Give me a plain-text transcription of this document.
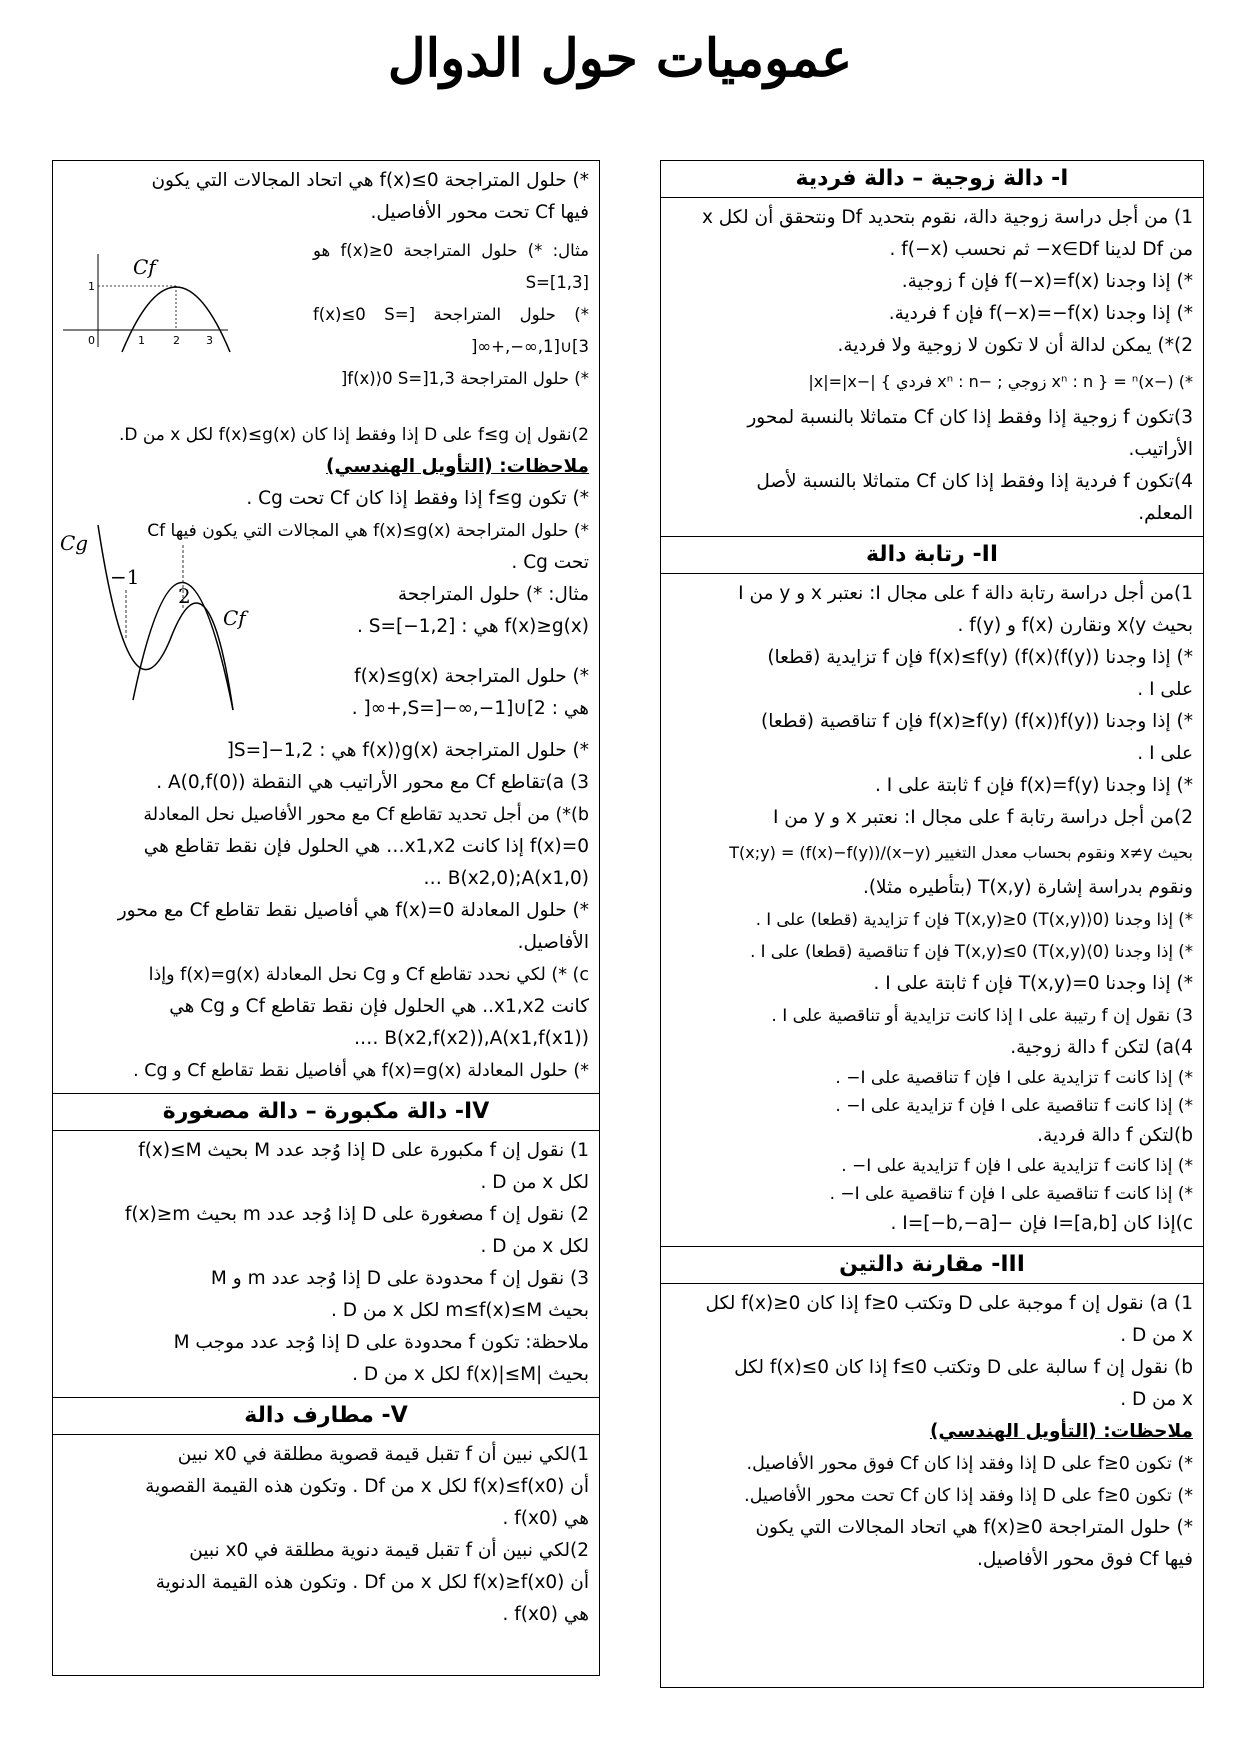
عموميات حول الدوال
I- دالة زوجية – دالة فردية

1) من أجل دراسة زوجية دالة، نقوم بتحديد Df ونتحقق أن لكل x

من Df لدينا x∈Df− ثم نحسب f(−x) .

*) إذا وجدنا f(−x)=f(x) فإن f زوجية.

*) إذا وجدنا f(−x)=−f(x) فإن f فردية.

2)*) يمكن لدالة أن لا تكون لا زوجية ولا فردية.

*) (−x)ⁿ = { xⁿ : n زوجي ; −xⁿ : n فردي } |−x|=|x|

3)تكون f زوجية إذا وفقط إذا كان Cf متماثلا بالنسبة لمحور

الأراتيب.

4)تكون f فردية إذا وفقط إذا كان Cf متماثلا بالنسبة لأصل

المعلم.

II- رتابة دالة

1)من أجل دراسة رتابة دالة f على مجال I: نعتبر x و y من I

بحيث x⟨y ونقارن f(x) و f(y) .

*) إذا وجدنا f(x)≤f(y) (f(x)⟨f(y)) فإن f تزايدية (قطعا)

على I .

*) إذا وجدنا f(x)≥f(y) (f(x)⟩f(y)) فإن f تناقصية (قطعا)

على I .

*) إذا وجدنا f(x)=f(y) فإن f ثابتة على I .

2)من أجل دراسة رتابة f على مجال I: نعتبر x و y من I

بحيث x≠y ونقوم بحساب معدل التغيير T(x;y) = (f(x)−f(y))/(x−y)

ونقوم بدراسة إشارة T(x,y) (بتأطيره مثلا).

*) إذا وجدنا T(x,y)≥0 (T(x,y)⟩0) فإن f تزايدية (قطعا) على I .

*) إذا وجدنا T(x,y)≤0 (T(x,y)⟨0) فإن f تناقصية (قطعا) على I .

*) إذا وجدنا T(x,y)=0 فإن f ثابتة على I .

3) نقول إن f رتيبة على I إذا كانت تزايدية أو تناقصية على I .

4)a) لتكن f دالة زوجية.

*) إذا كانت f تزايدية على I فإن f تناقصية على I− .

*) إذا كانت f تناقصية على I فإن f تزايدية على I− .

b)لتكن f دالة فردية.

*) إذا كانت f تزايدية على I فإن f تزايدية على I− .

*) إذا كانت f تناقصية على I فإن f تناقصية على I− .

c)إذا كان I=[a,b] فإن −I=[−b,−a] .

III- مقارنة دالتين

1) a) نقول إن f موجبة على D وتكتب f≥0 إذا كان f(x)≥0 لكل

x من D .

b) نقول إن f سالبة على D وتكتب f≤0 إذا كان f(x)≤0 لكل

x من D .

ملاحظات: (التأويل الهندسي)

*) تكون f≥0 على D إذا وفقد إذا كان Cf فوق محور الأفاصيل.

*) تكون f≥0 على D إذا وفقد إذا كان Cf تحت محور الأفاصيل.

*) حلول المتراجحة f(x)≥0 هي اتحاد المجالات التي يكون

فيها Cf فوق محور الأفاصيل.

*) حلول المتراجحة f(x)≤0 هي اتحاد المجالات التي يكون

فيها Cf تحت محور الأفاصيل.

مثال: *) حلول المتراجحة f(x)≥0 هو S=[1,3]

*) حلول المتراجحة f(x)≤0 S=]−∞,1]∪[3,+∞[

*) حلول المتراجحة f(x)⟩0 S=]1,3[

2)نقول إن f≤g على D إذا وفقط إذا كان f(x)≤g(x) لكل x من D.

ملاحظات: (التأويل الهندسي)

*) تكون f≤g إذا وفقط إذا كان Cf تحت Cg .

*) حلول المتراجحة f(x)≤g(x) هي المجالات التي يكون فيها Cf

تحت Cg .

مثال: *) حلول المتراجحة

f(x)≥g(x) هي : S=[−1,2] .

*) حلول المتراجحة f(x)≤g(x)

هي : S=]−∞,−1]∪[2,+∞[ .

*) حلول المتراجحة f(x)⟩g(x) هي : S=]−1,2[

3) a)تقاطع Cf مع محور الأراتيب هي النقطة A(0,f(0)) .

b)*) من أجل تحديد تقاطع Cf مع محور الأفاصيل نحل المعادلة

f(x)=0 إذا كانت x1,x2… هي الحلول فإن نقط تقاطع هي

B(x2,0);A(x1,0) …

*) حلول المعادلة f(x)=0 هي أفاصيل نقط تقاطع Cf مع محور

الأفاصيل.

c) *) لكي نحدد تقاطع Cf و Cg نحل المعادلة f(x)=g(x) وإذا

كانت x1,x2.. هي الحلول فإن نقط تقاطع Cf و Cg هي

B(x2,f(x2)),A(x1,f(x1)) ….

*) حلول المعادلة f(x)=g(x) هي أفاصيل نقط تقاطع Cf و Cg .

IV- دالة مكبورة – دالة مصغورة

1) نقول إن f مكبورة على D إذا وُجد عدد M بحيث f(x)≤M

لكل x من D .

2) نقول إن f مصغورة على D إذا وُجد عدد m بحيث f(x)≥m

لكل x من D .

3) نقول إن f محدودة على D إذا وُجد عدد m و M

بحيث m≤f(x)≤M لكل x من D .

ملاحظة: تكون f محدودة على D إذا وُجد عدد موجب M

بحيث |f(x)|≤M لكل x من D .

V- مطارف دالة

1)لكي نبين أن f تقبل قيمة قصوية مطلقة في x0 نبين

أن f(x)≤f(x0) لكل x من Df . وتكون هذه القيمة القصوية

هي f(x0) .

2)لكي نبين أن f تقبل قيمة دنوية مطلقة في x0 نبين

أن f(x)≥f(x0) لكل x من Df . وتكون هذه القيمة الدنوية

هي f(x0) .

Cf
1
0	1	2 3
Cg
Cf
−1
2
